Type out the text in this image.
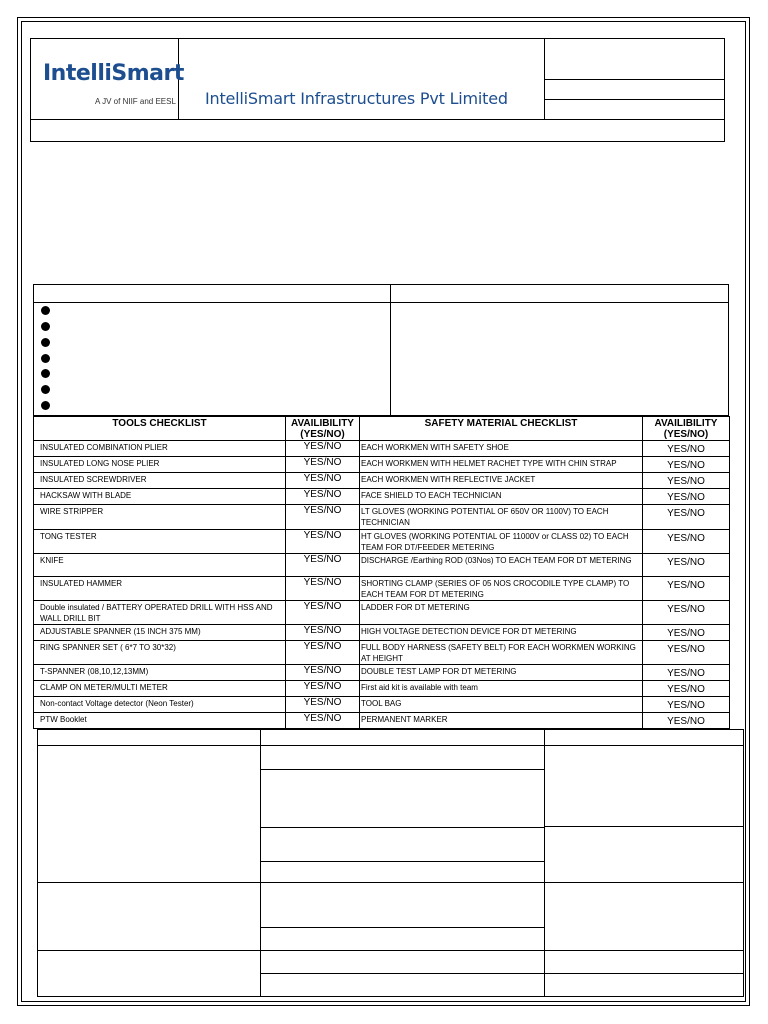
IntelliSmart
A JV of NIIF and EESL IntelliSmart Infrastructures Pvt Limited
TOOLS CHECKLIST	AVAILIBILITY (YES/NO)	SAFETY MATERIAL CHECKLIST	AVAILIBILITY (YES/NO)
INSULATED COMBINATION PLIER	YES/NO	EACH WORKMEN WITH SAFETY SHOE	YES/NO
INSULATED LONG NOSE PLIER	YES/NO	EACH WORKMEN WITH HELMET RACHET TYPE WITH CHIN STRAP	YES/NO
INSULATED SCREWDRIVER	YES/NO	EACH WORKMEN WITH REFLECTIVE JACKET	YES/NO
HACKSAW WITH BLADE	YES/NO	FACE SHIELD TO EACH TECHNICIAN	YES/NO
WIRE STRIPPER	YES/NO	LT GLOVES (WORKING POTENTIAL OF 650V OR 1100V) TO EACH TECHNICIAN	YES/NO
TONG TESTER	YES/NO	HT GLOVES (WORKING POTENTIAL OF 11000V or CLASS 02) TO EACH TEAM FOR DT/FEEDER METERING	YES/NO
KNIFE	YES/NO	DISCHARGE /Earthing ROD (03Nos) TO EACH TEAM FOR DT METERING	YES/NO
INSULATED HAMMER	YES/NO	SHORTING CLAMP (SERIES OF 05 NOS CROCODILE TYPE CLAMP) TO EACH TEAM FOR DT METERING	YES/NO
Double insulated / BATTERY OPERATED DRILL WITH HSS AND WALL DRILL BIT	YES/NO	LADDER FOR DT METERING	YES/NO
ADJUSTABLE SPANNER (15 INCH 375 MM)	YES/NO	HIGH VOLTAGE DETECTION DEVICE FOR DT METERING	YES/NO
RING SPANNER SET ( 6*7 TO 30*32)	YES/NO	FULL BODY HARNESS (SAFETY BELT) FOR EACH WORKMEN WORKING AT HEIGHT	YES/NO
T-SPANNER (08,10,12,13MM)	YES/NO	DOUBLE TEST LAMP FOR DT METERING	YES/NO
CLAMP ON METER/MULTI METER	YES/NO	First aid kit is available with team	YES/NO
Non-contact Voltage detector (Neon Tester)	YES/NO	TOOL BAG	YES/NO
PTW Booklet	YES/NO	PERMANENT MARKER	YES/NO
